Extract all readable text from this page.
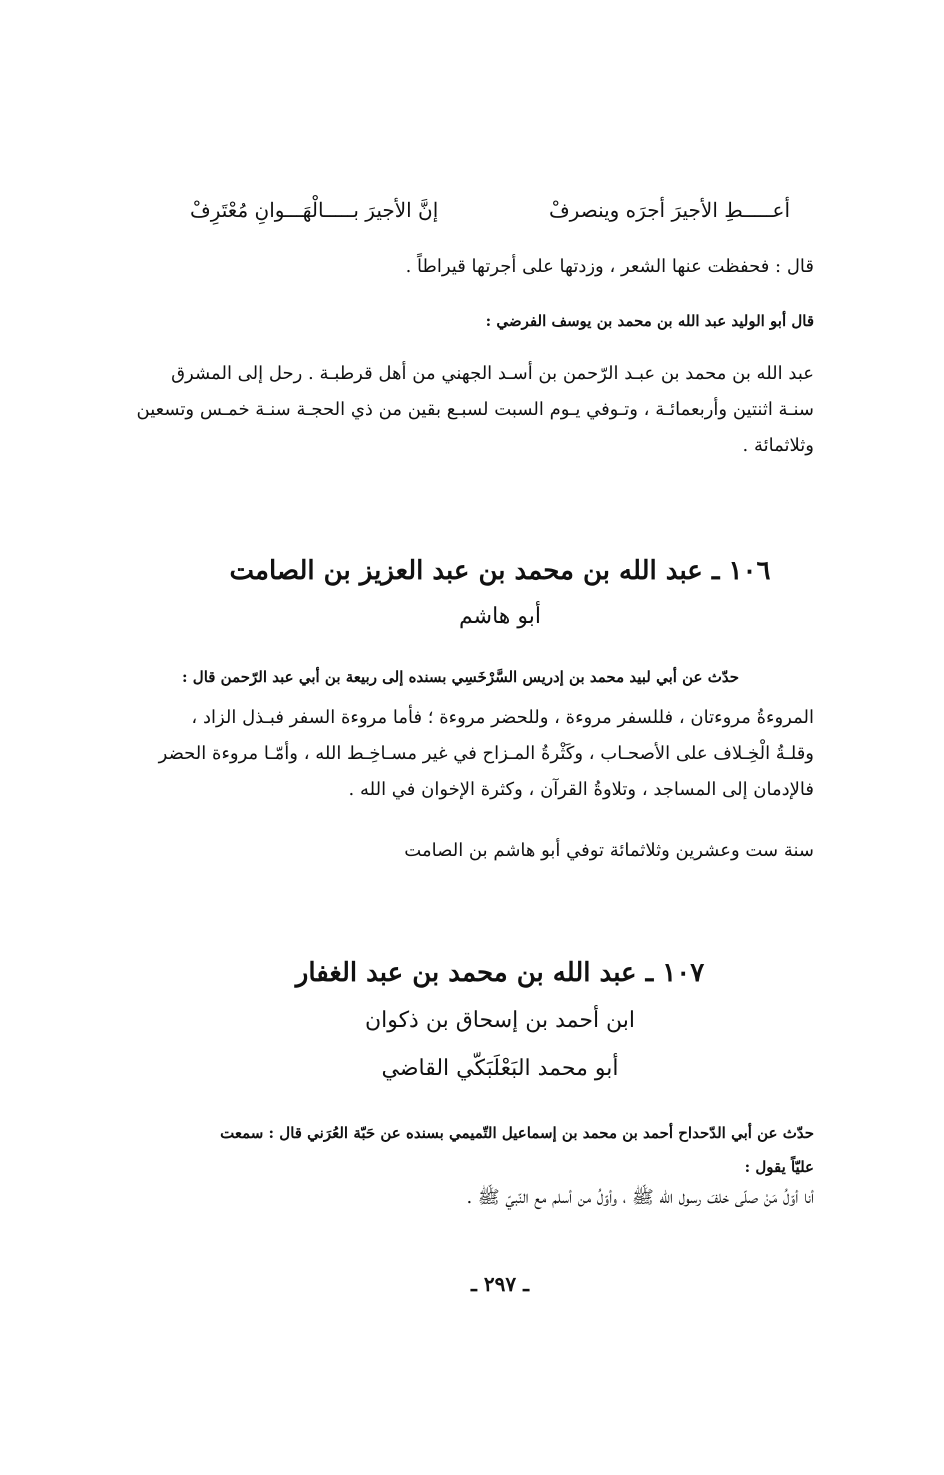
أعـــــطِ الأجيرَ أجرَه وينصرفْ
إنَّ الأجيرَ بـــــالْهَـــوانِ مُعْتَرِفْ
قال : فحفظت عنها الشعر ، وزدتها على أجرتها قيراطاً .
قال أبو الوليد عبد الله بن محمد بن يوسف الفرضي :
عبد الله بن محمد بن عبـد الرّحمن بن أسـد الجهني من أهل قرطبـة . رحل إلى المشرق
سنـة اثنتين وأربعمائـة ، وتـوفي يـوم السبت لسبـع بقين من ذي الحجـة سنـة خمـس وتسعين
وثلاثمائة .
١٠٦ ـ عبد الله بن محمد بن عبد العزيز بن الصامت
أبو هاشم
حدّث عن أبي لبيد محمد بن إدريس السَّرْخَسِي بسنده إلى ربيعة بن أبي عبد الرّحمن قال :
المروءةُ مروءتان ، فللسفر مروءة ، وللحضر مروءة ؛ فأما مروءة السفر فبـذل الزاد ،
وقلـةُ الْخِـلاف على الأصحـاب ، وكَثْرةُ المـزاح في غير مسـاخِـط الله ، وأمّـا مروءة الحضر
فالإدمان إلى المساجد ، وتلاوةُ القرآن ، وكثرة الإخوان في الله .
سنة ست وعشرين وثلاثمائة توفي أبو هاشم بن الصامت
١٠٧ ـ عبد الله بن محمد بن عبد الغفار
ابن أحمد بن إسحاق بن ذكوان
أبو محمد البَعْلَبَكّي القاضي
حدّث عن أبي الدّحداح أحمد بن محمد بن إسماعيل التّميمي بسنده عن حَبّة العُرَني قال : سمعت
عليّاً يقول :
أنا أوّلُ مَنْ صلّى خلفَ رسول الله ﷺ ، وأوّلُ من أسلم مع النّبيّ ﷺ .
ـ ٢٩٧ ـ
